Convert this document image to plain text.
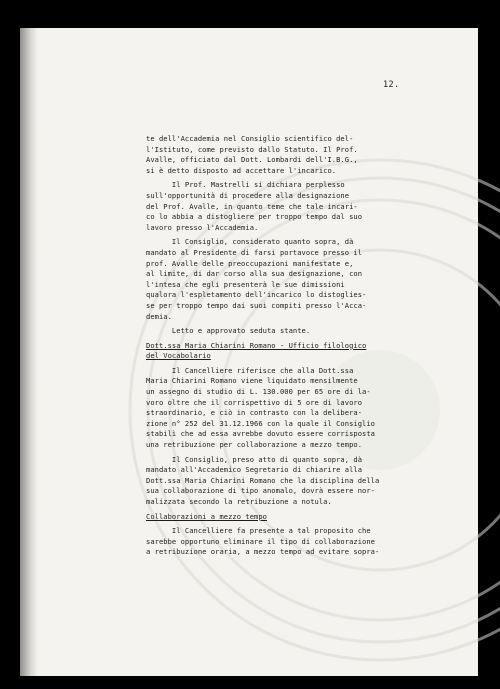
12.
te dell'Accademia nel Consiglio scientifico del-
l'Istituto, come previsto dallo Statuto. Il Prof.
Avalle, officiato dal Dott. Lombardi dell'I.B.G.,
si è detto disposto ad accettare l'incarico.
Il Prof. Mastrelli si dichiara perplesso
sull'opportunità di procedere alla designazione
del Prof. Avalle, in quanto teme che tale incari-
co lo abbia a distogliere per troppo tempo dal suo
lavoro presso l'Accademia.
Il Consiglio, considerato quanto sopra, dà
mandato al Presidente di farsi portavoce presso il
prof. Avalle delle preoccupazioni manifestate e,
al limite, di dar corso alla sua designazione, con
l'intesa che egli presenterà le sue dimissioni
qualora l'espletamento dell'incarico lo distoglies-
se per troppo tempo dai suoi compiti presso l'Acca-
demia.
Letto e approvato seduta stante.
Dott.ssa Maria Chiarini Romano - Ufficio filologico
del Vocabolario
Il Cancelliere riferisce che alla Dott.ssa
Maria Chiarini Romano viene liquidato mensilmente
un assegno di studio di L. 130.000 per 65 ore di la-
voro oltre che il corrispettivo di 5 ore di lavoro
straordinario, e ciò in contrasto con la delibera-
zione n° 252 del 31.12.1966 con la quale il Consiglio
stabilì che ad essa avrebbe dovuto essere corrisposta
una retribuzione per collaborazione a mezzo tempo.
Il Consiglio, preso atto di quanto sopra, dà
mandato all'Accademico Segretario di chiarire alla
Dott.ssa Maria Chiarini Romano che la disciplina della
sua collaborazione di tipo anomalo, dovrà essere nor-
malizzata secondo la retribuzione a notula.
Collaborazioni a mezzo tempo
Il Cancelliere fa presente a tal proposito che
sarebbe opportuno eliminare il tipo di collaborazione
a retribuzione oraria, a mezzo tempo ad evitare sopra-
